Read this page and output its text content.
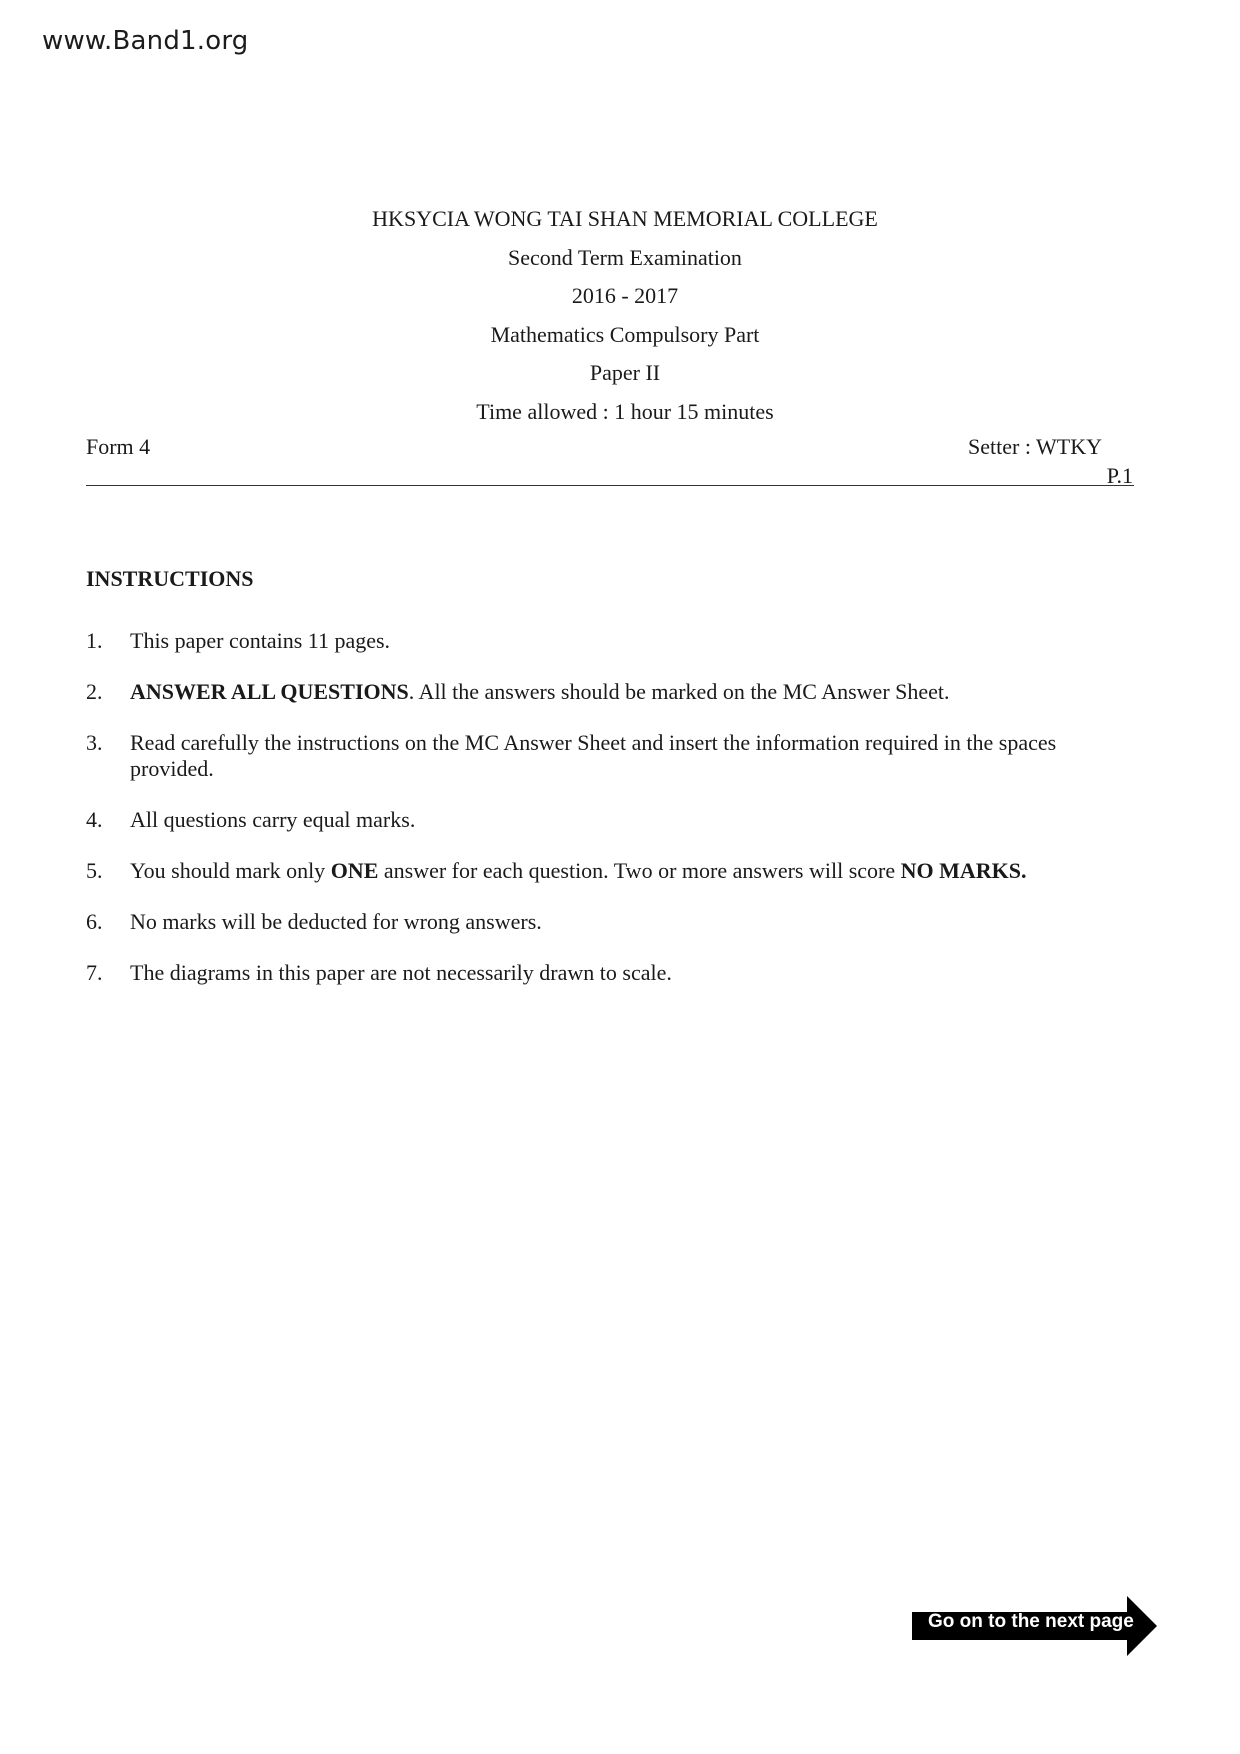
www.Band1.org
HKSYCIA WONG TAI SHAN MEMORIAL COLLEGE
Second Term Examination
2016 - 2017
Mathematics Compulsory Part
Paper II
Time allowed : 1 hour 15 minutes
Form 4	Setter : WTKY
P.1
INSTRUCTIONS
1. This paper contains 11 pages.
2. ANSWER ALL QUESTIONS. All the answers should be marked on the MC Answer Sheet.
3. Read carefully the instructions on the MC Answer Sheet and insert the information required in the spaces provided.
4. All questions carry equal marks.
5. You should mark only ONE answer for each question. Two or more answers will score NO MARKS.
6. No marks will be deducted for wrong answers.
7. The diagrams in this paper are not necessarily drawn to scale.
Go on to the next page
